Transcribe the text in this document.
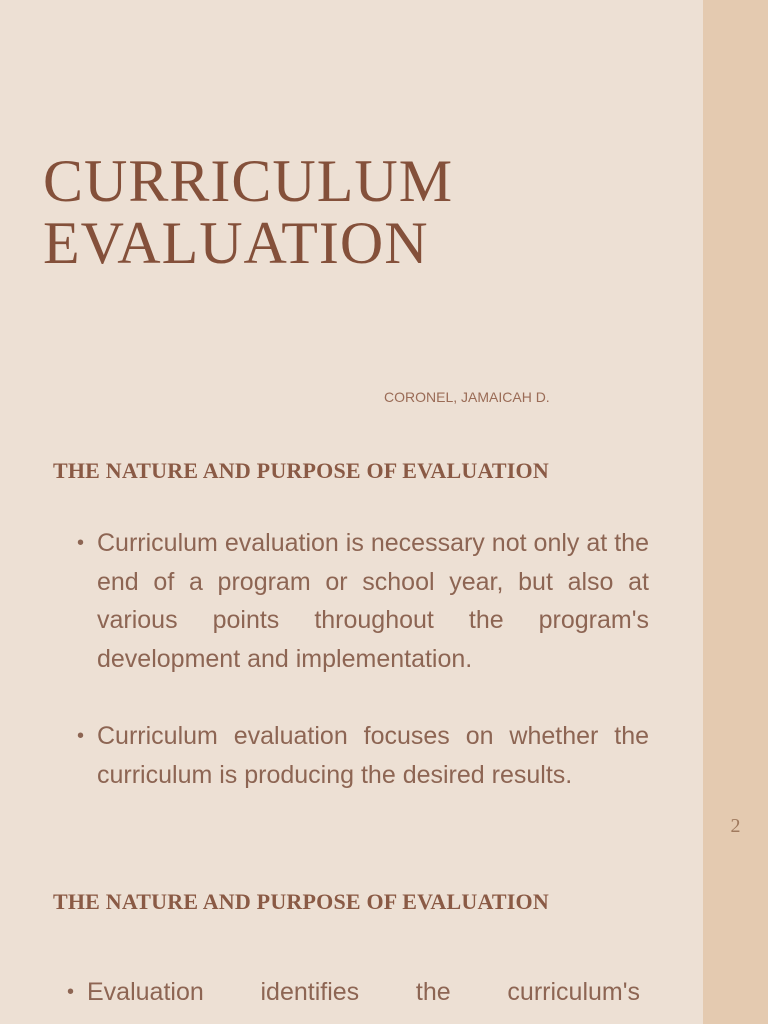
CURRICULUM
EVALUATION
CORONEL, JAMAICAH D.
THE NATURE AND PURPOSE OF EVALUATION
• Curriculum evaluation is necessary not only at the end of a program or school year, but also at various points throughout the program's development and implementation.
• Curriculum evaluation focuses on whether the curriculum is producing the desired results.
THE NATURE AND PURPOSE OF EVALUATION
• Evaluation identifies the curriculum's
2
